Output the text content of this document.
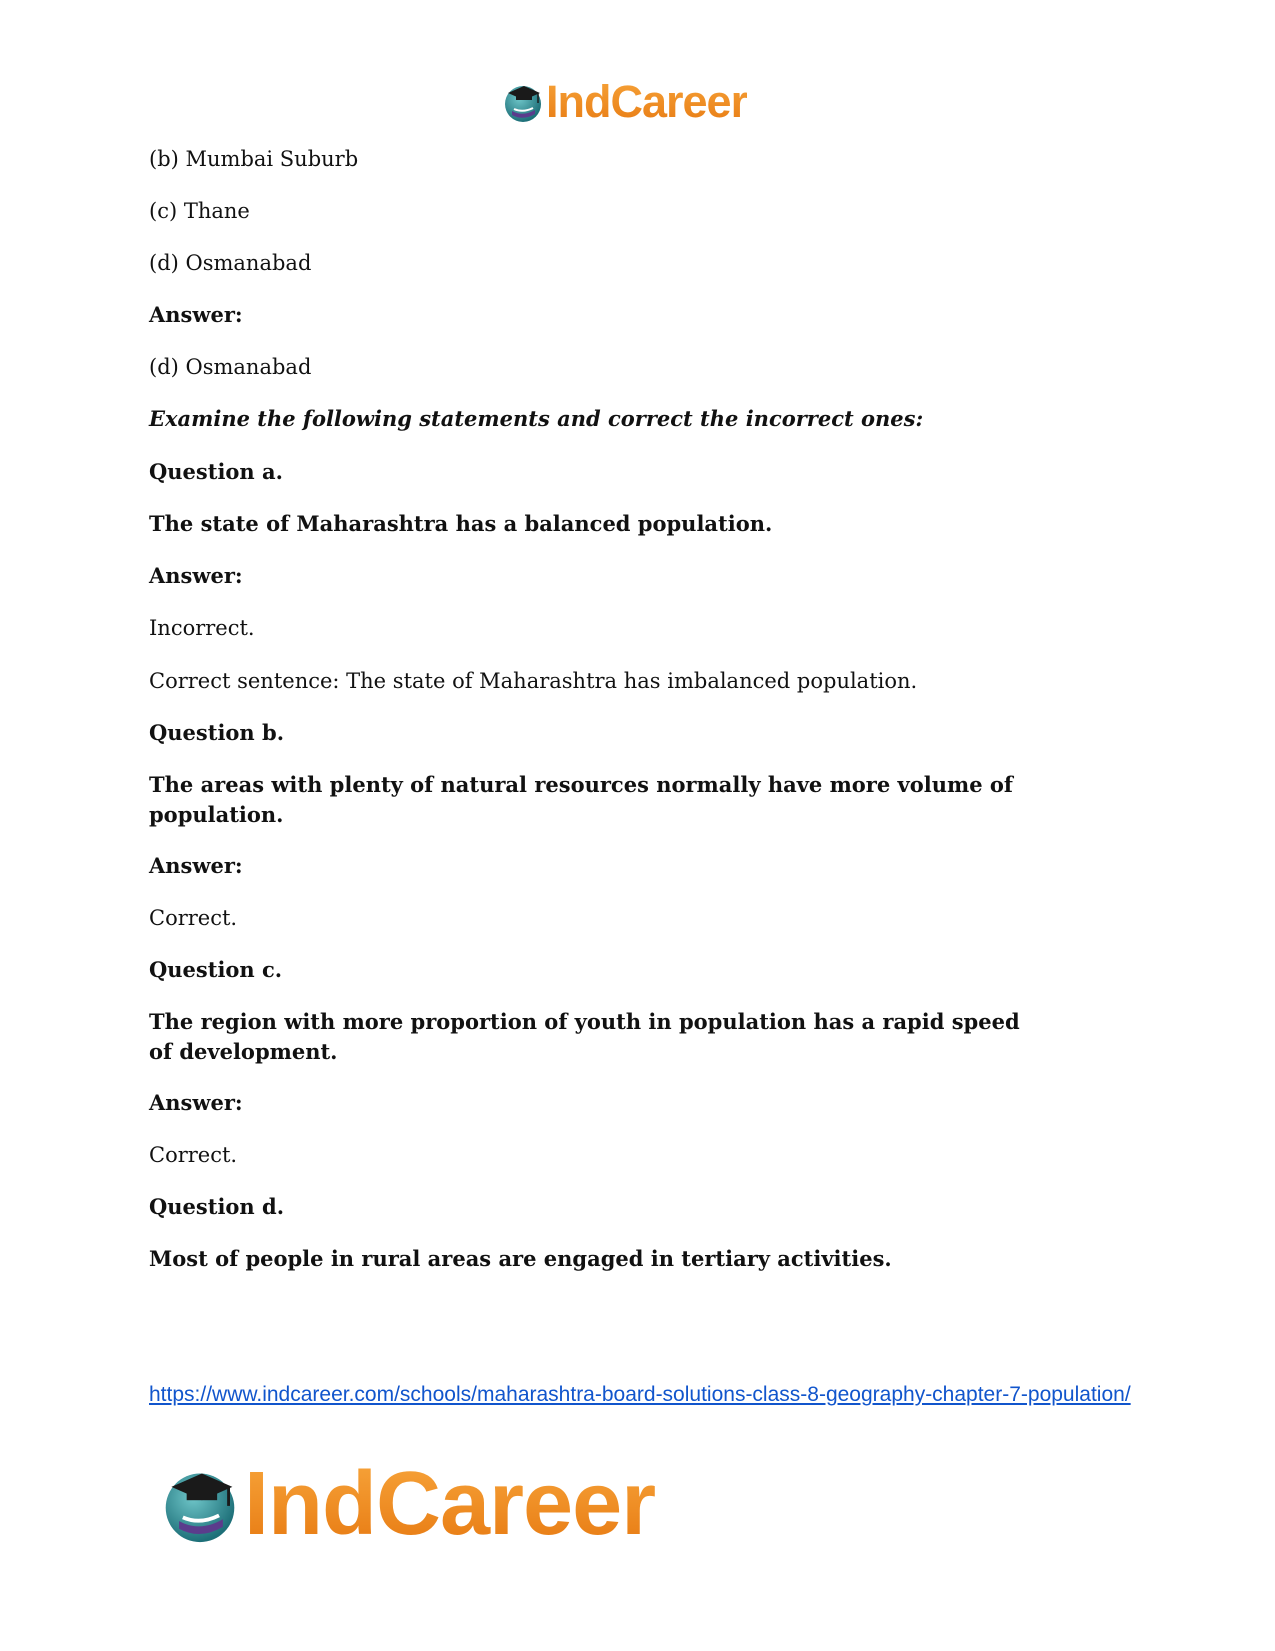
IndCareer

(b) Mumbai Suburb

(c) Thane

(d) Osmanabad

Answer:

(d) Osmanabad

Examine the following statements and correct the incorrect ones:

Question a.

The state of Maharashtra has a balanced population.

Answer:

Incorrect.

Correct sentence: The state of Maharashtra has imbalanced population.

Question b.

The areas with plenty of natural resources normally have more volume of population.

Answer:

Correct.

Question c.

The region with more proportion of youth in population has a rapid speed of development.

Answer:

Correct.

Question d.

Most of people in rural areas are engaged in tertiary activities.

https://www.indcareer.com/schools/maharashtra-board-solutions-class-8-geography-chapter-7-population/
IndCareer
